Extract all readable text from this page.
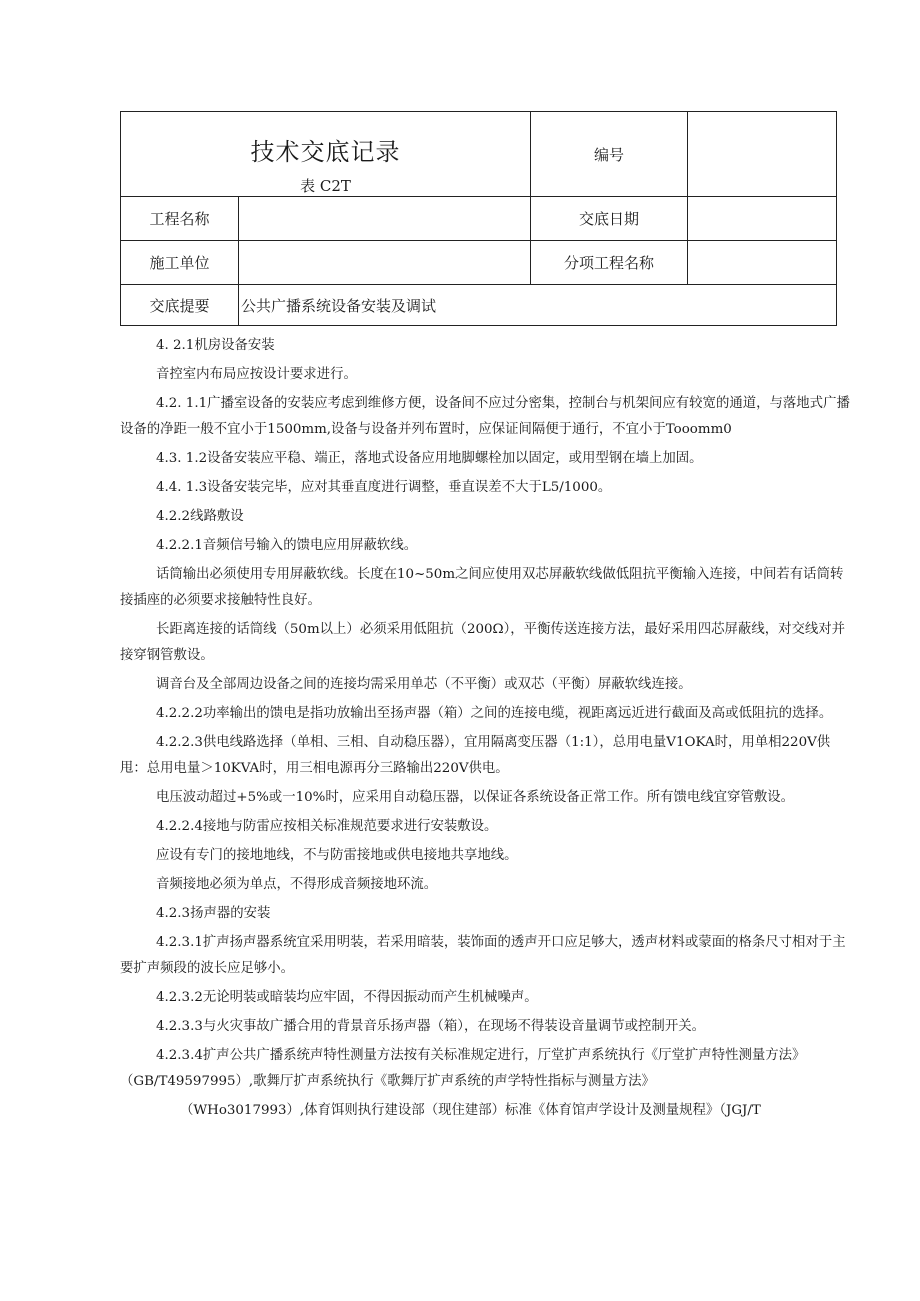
技术交底记录
表 C2T		编号	
工程名称		交底日期	
施工单位		分项工程名称	
交底提要	公共广播系统设备安装及调试		

4. 2.1机房设备安装

音控室内布局应按设计要求进行。

4.2. 1.1广播室设备的安装应考虑到维修方便，设备间不应过分密集，控制台与机架间应有较宽的通道，与落地式广播设备的净距一般不宜小于1500mm,设备与设备并列布置时，应保证间隔便于通行，不宜小于Tooomm0

4.3. 1.2设备安装应平稳、端正，落地式设备应用地脚螺栓加以固定，或用型钢在墙上加固。

4.4. 1.3设备安装完毕，应对其垂直度进行调整，垂直误差不大于L5/1000。

4.2.2线路敷设

4.2.2.1音频信号输入的馈电应用屏蔽软线。

话筒输出必须使用专用屏蔽软线。长度在10~50m之间应使用双芯屏蔽软线做低阻抗平衡输入连接，中间若有话筒转接插座的必须要求接触特性良好。

长距离连接的话筒线（50m以上）必须采用低阻抗（200Ω），平衡传送连接方法，最好采用四芯屏蔽线，对交线对并接穿钢管敷设。

调音台及全部周边设备之间的连接均需采用单芯（不平衡）或双芯（平衡）屏蔽软线连接。

4.2.2.2功率输出的馈电是指功放输出至扬声器（箱）之间的连接电缆，视距离远近进行截面及高或低阻抗的选择。

4.2.2.3供电线路选择（单相、三相、自动稳压器），宜用隔离变压器（1:1），总用电量V1OKA时，用单相220V供甩：总用电量＞10KVA时，用三相电源再分三路输出220V供电。

电压波动超过+5%或一10%时，应采用自动稳压器，以保证各系统设备正常工作。所有馈电线宜穿管敷设。

4.2.2.4接地与防雷应按相关标准规范要求进行安装敷设。

应设有专门的接地地线，不与防雷接地或供电接地共享地线。

音频接地必须为单点，不得形成音频接地环流。

4.2.3扬声器的安装

4.2.3.1扩声扬声器系统宜采用明装，若采用暗装，装饰面的透声开口应足够大，透声材料或蒙面的格条尺寸相对于主要扩声频段的波长应足够小。

4.2.3.2无论明装或暗装均应牢固，不得因振动而产生机械噪声。

4.2.3.3与火灾事故广播合用的背景音乐扬声器（箱），在现场不得装设音量调节或控制开关。

4.2.3.4扩声公共广播系统声特性测量方法按有关标准规定进行，厅堂扩声系统执行《厅堂扩声特性测量方法》（GB/T49597995）,歌舞厅扩声系统执行《歌舞厅扩声系统的声学特性指标与测量方法》

（WHo3017993）,体育饵则执行建设部（现住建部）标准《体育馆声学设计及测量规程》（JGJ/T
